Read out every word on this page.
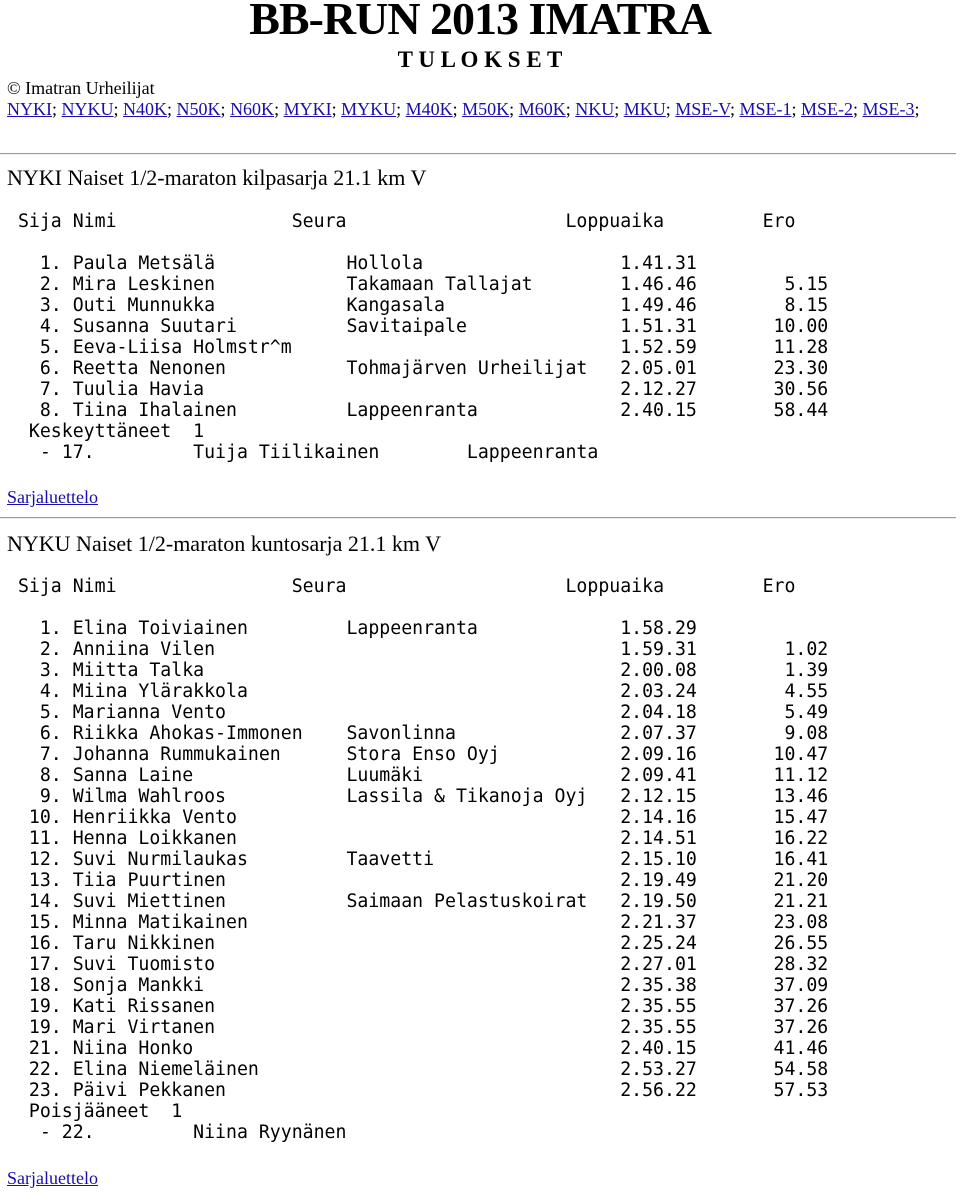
BB-RUN 2013 IMATRA
T U L O K S E T
© Imatran Urheilijat
NYKI; NYKU; N40K; N50K; N60K; MYKI; MYKU; M40K; M50K; M60K; NKU; MKU; MSE-V; MSE-1; MSE-2; MSE-3;
NYKI Naiset 1/2-maraton kilpasarja 21.1 km V
Sija Nimi                Seura                    Loppuaika         Ero

1. Paula Metsälä            Hollola                  1.41.31
2. Mira Leskinen            Takamaan Tallajat        1.46.46        5.15
3. Outi Munnukka            Kangasala                1.49.46        8.15
4. Susanna Suutari          Savitaipale              1.51.31       10.00
5. Eeva-Liisa Holmstr^m	1.52.59       11.28
6. Reetta Nenonen           Tohmajärven Urheilijat   2.05.01       23.30
7. Tuulia Havia	2.12.27       30.56
8. Tiina Ihalainen          Lappeenranta             2.40.15       58.44
Keskeyttäneet 1
- 17.         Tuija Tiilikainen        Lappeenranta
Sarjaluettelo
NYKU Naiset 1/2-maraton kuntosarja 21.1 km V
Sija Nimi                Seura                    Loppuaika         Ero

1. Elina Toiviainen         Lappeenranta             1.58.29
2. Anniina Vilen	1.59.31        1.02
3. Miitta Talka	2.00.08        1.39
4. Miina Ylärakkola	2.03.24        4.55
5. Marianna Vento	2.04.18        5.49
6. Riikka Ahokas-Immonen    Savonlinna               2.07.37        9.08
7. Johanna Rummukainen      Stora Enso Oyj           2.09.16       10.47
8. Sanna Laine              Luumäki                  2.09.41       11.12
9. Wilma Wahlroos           Lassila & Tikanoja Oyj   2.12.15       13.46
10. Henriikka Vento	2.14.16       15.47
11. Henna Loikkanen	2.14.51       16.22
12. Suvi Nurmilaukas         Taavetti                 2.15.10       16.41
13. Tiia Puurtinen	2.19.49       21.20
14. Suvi Miettinen           Saimaan Pelastuskoirat   2.19.50       21.21
15. Minna Matikainen	2.21.37       23.08
16. Taru Nikkinen	2.25.24       26.55
17. Suvi Tuomisto	2.27.01       28.32
18. Sonja Mankki	2.35.38       37.09
19. Kati Rissanen	2.35.55       37.26
19. Mari Virtanen	2.35.55       37.26
21. Niina Honko	2.40.15       41.46
22. Elina Niemeläinen	2.53.27       54.58
23. Päivi Pekkanen	2.56.22       57.53
Poisjääneet 1
- 22.         Niina Ryynänen
Sarjaluettelo
